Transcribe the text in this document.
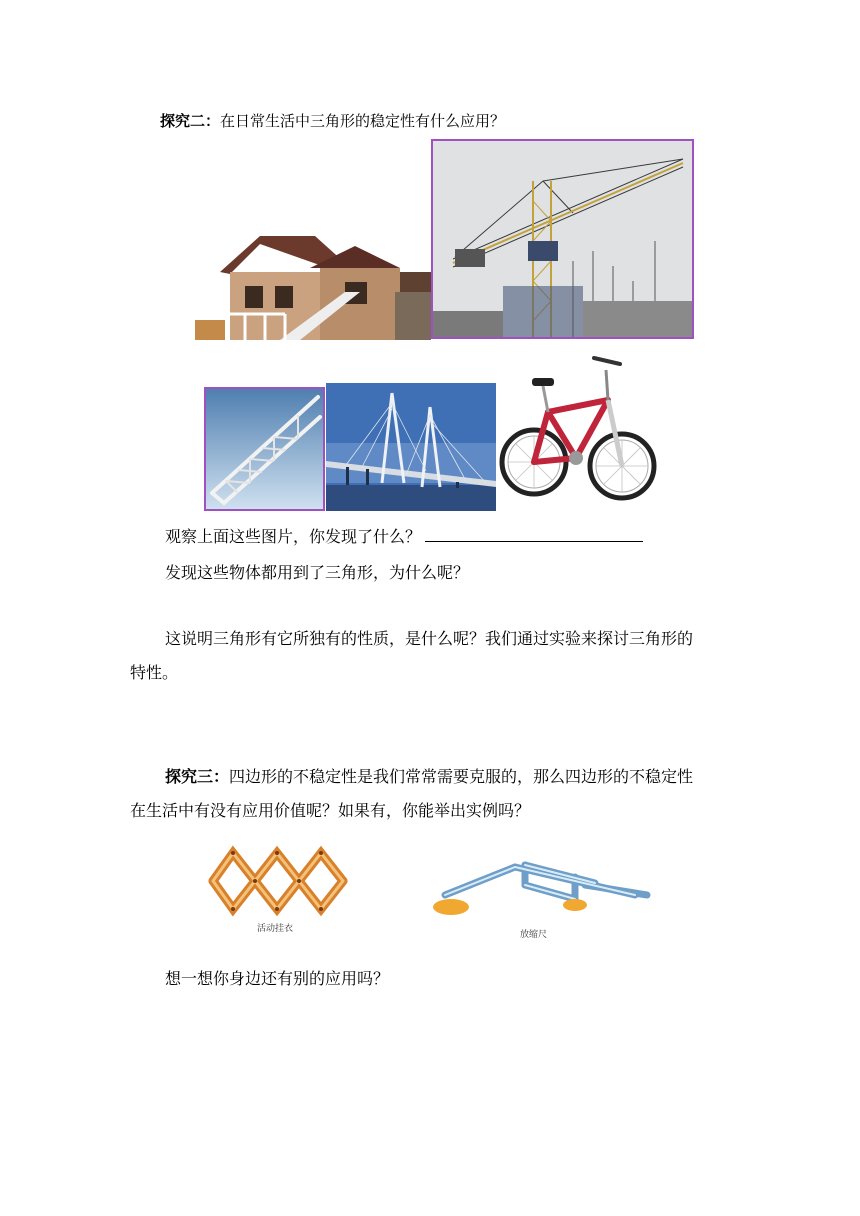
探究二：在日常生活中三角形的稳定性有什么应用？
观察上面这些图片，你发现了什么？
发现这些物体都用到了三角形，为什么呢？
这说明三角形有它所独有的性质，是什么呢？我们通过实验来探讨三角形的
特性。
探究三：四边形的不稳定性是我们常常需要克服的，那么四边形的不稳定性
在生活中有没有应用价值呢？如果有，你能举出实例吗？
活动挂衣
放缩尺
想一想你身边还有别的应用吗？
